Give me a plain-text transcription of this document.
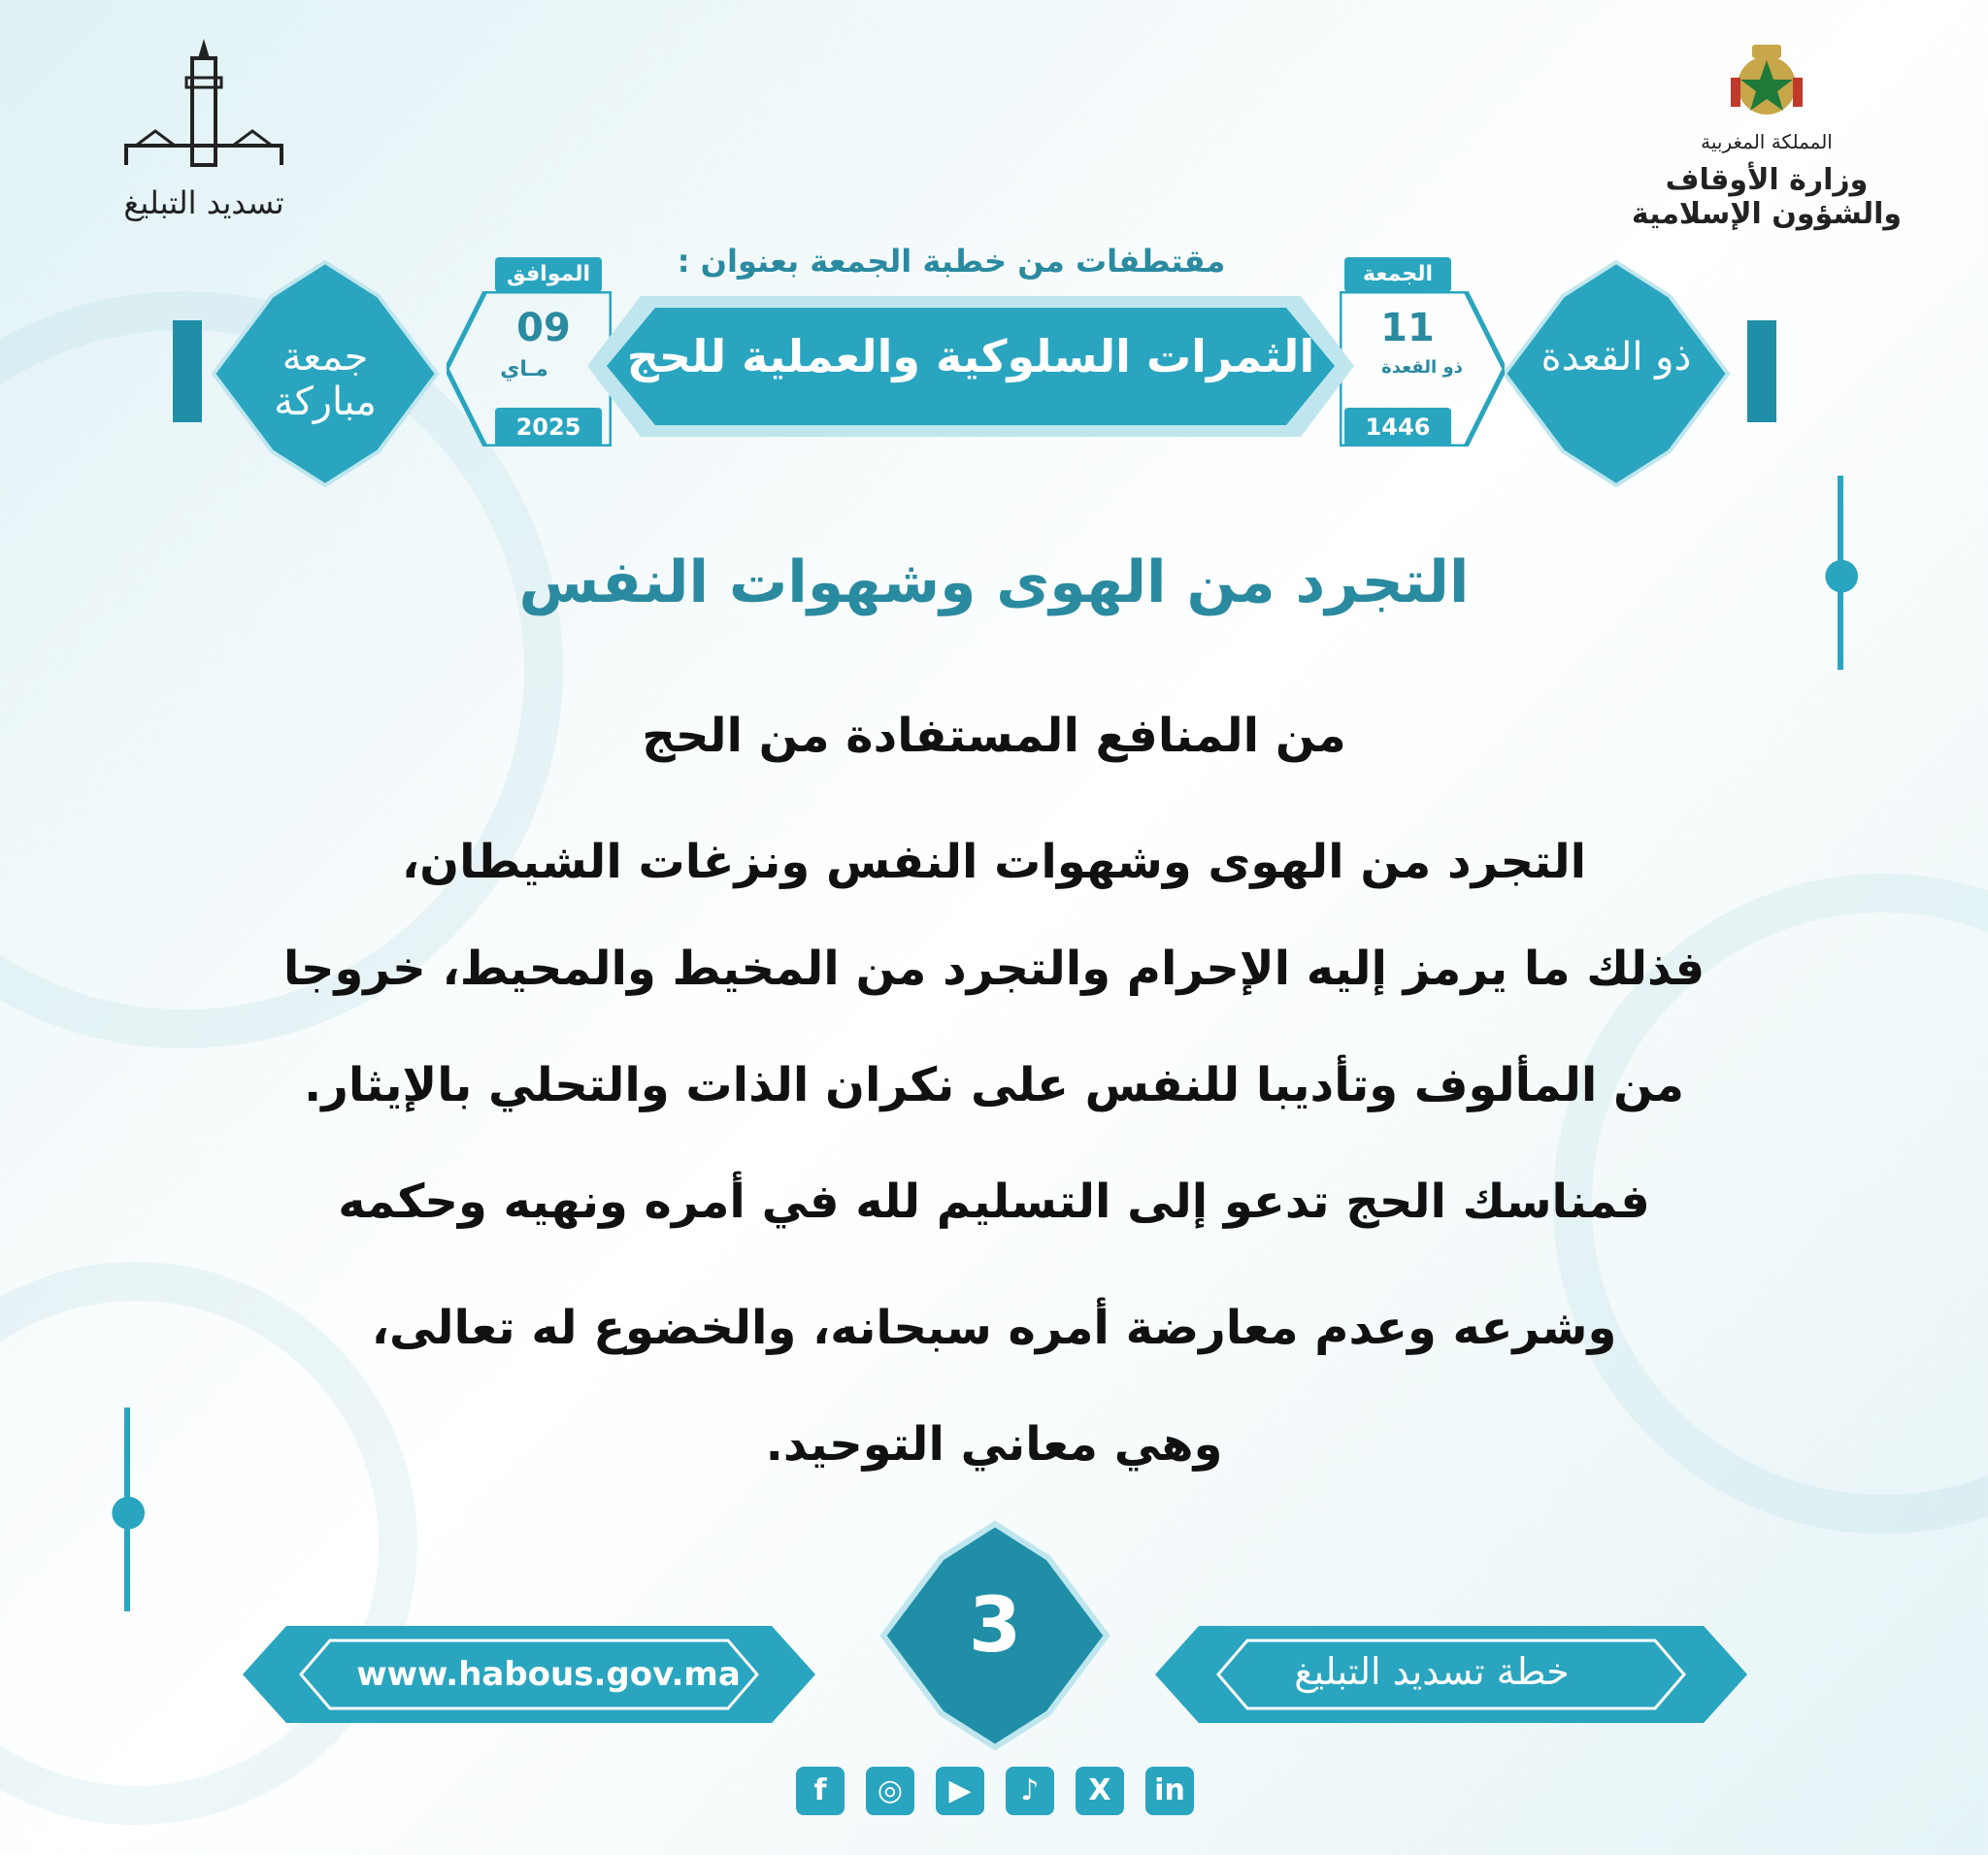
المملكة المغربية
وزارة الأوقاف والشؤون الإسلامية
تسديد التبليغ
ذو القعدة
جمعة مباركة
الجمعة
11
ذو القعدة
1446
الموافق
09
مـاي
2025
مقتطفات من خطبة الجمعة بعنوان :
الثمرات السلوكية والعملية للحج
●
●
التجرد من الهوى وشهوات النفس
من المنافع المستفادة من الحج
التجرد من الهوى وشهوات النفس ونزغات الشيطان،
فذلك ما يرمز إليه الإحرام والتجرد من المخيط والمحيط، خروجا
من المألوف وتأديبا للنفس على نكران الذات والتحلي بالإيثار.
فمناسك الحج تدعو إلى التسليم لله في أمره ونهيه وحكمه
وشرعه وعدم معارضة أمره سبحانه، والخضوع له تعالى،
وهي معاني التوحيد.
www.habous.gov.ma	خطة تسديد التبليغ
3
f	◎	▶	♪	X	in
